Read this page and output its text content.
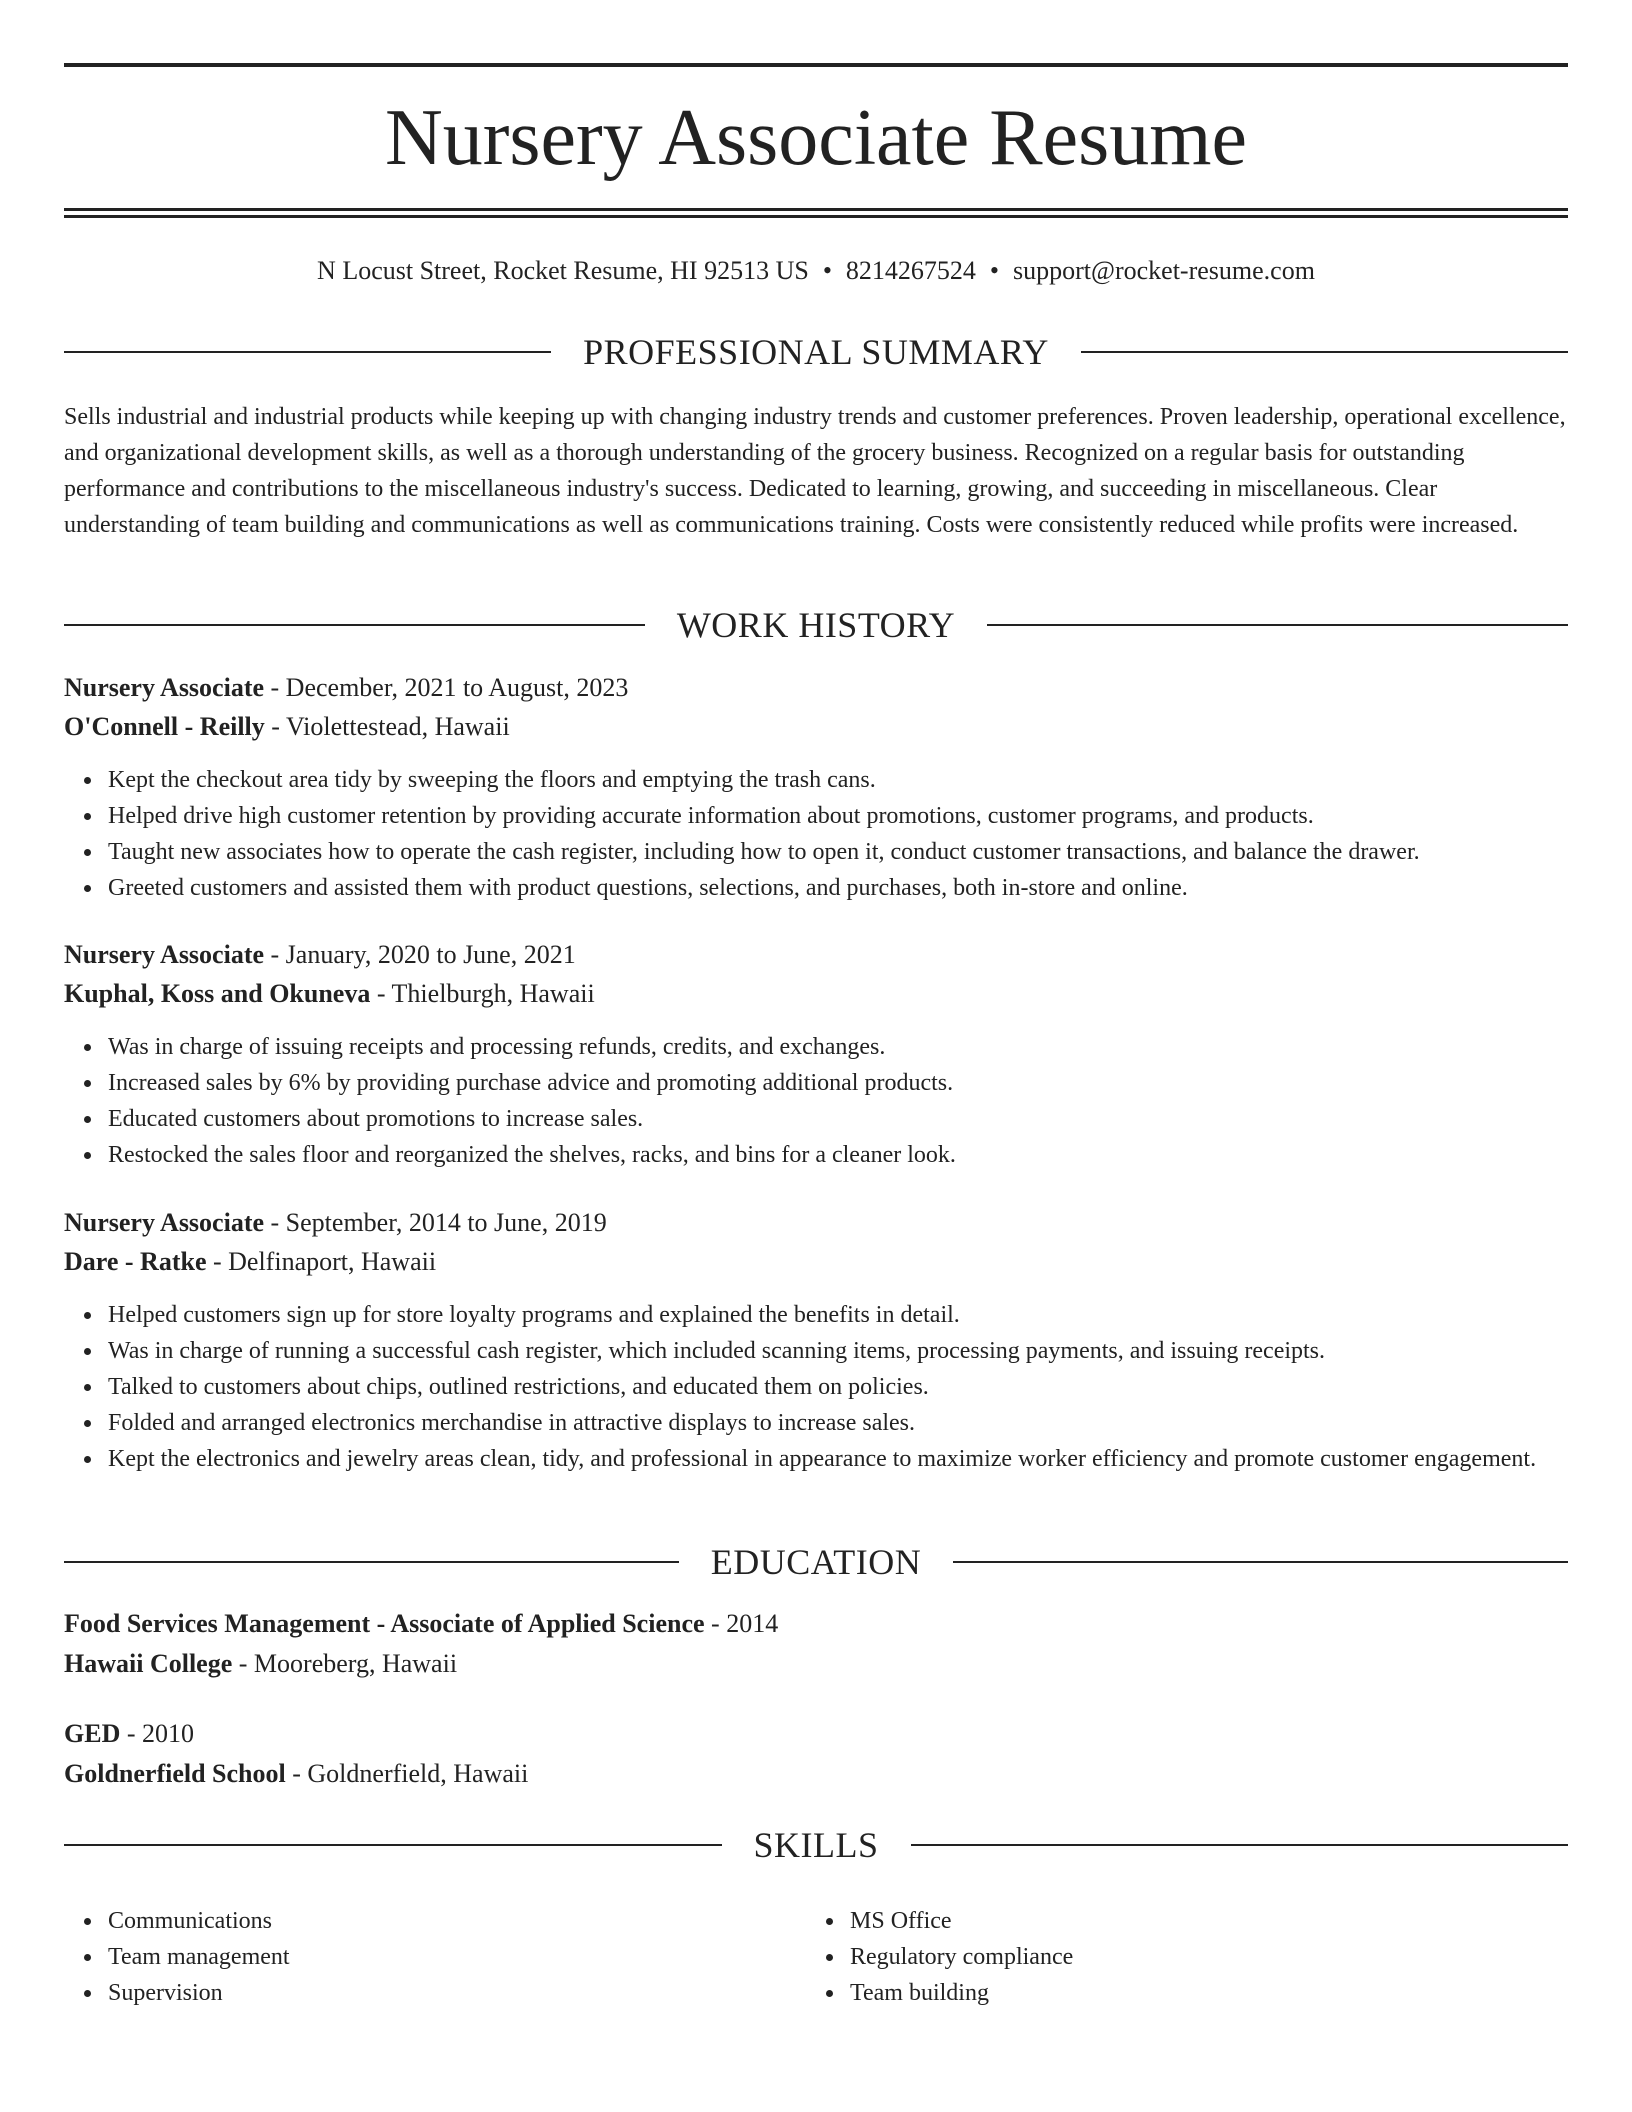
Nursery Associate Resume
N Locust Street, Rocket Resume, HI 92513 US • 8214267524 • support@rocket-resume.com
PROFESSIONAL SUMMARY
Sells industrial and industrial products while keeping up with changing industry trends and customer preferences. Proven leadership, operational excellence, and organizational development skills, as well as a thorough understanding of the grocery business. Recognized on a regular basis for outstanding performance and contributions to the miscellaneous industry's success. Dedicated to learning, growing, and succeeding in miscellaneous. Clear understanding of team building and communications as well as communications training. Costs were consistently reduced while profits were increased.
WORK HISTORY
Nursery Associate - December, 2021 to August, 2023
O'Connell - Reilly - Violettestead, Hawaii
Kept the checkout area tidy by sweeping the floors and emptying the trash cans.
Helped drive high customer retention by providing accurate information about promotions, customer programs, and products.
Taught new associates how to operate the cash register, including how to open it, conduct customer transactions, and balance the drawer.
Greeted customers and assisted them with product questions, selections, and purchases, both in-store and online.
Nursery Associate - January, 2020 to June, 2021
Kuphal, Koss and Okuneva - Thielburgh, Hawaii
Was in charge of issuing receipts and processing refunds, credits, and exchanges.
Increased sales by 6% by providing purchase advice and promoting additional products.
Educated customers about promotions to increase sales.
Restocked the sales floor and reorganized the shelves, racks, and bins for a cleaner look.
Nursery Associate - September, 2014 to June, 2019
Dare - Ratke - Delfinaport, Hawaii
Helped customers sign up for store loyalty programs and explained the benefits in detail.
Was in charge of running a successful cash register, which included scanning items, processing payments, and issuing receipts.
Talked to customers about chips, outlined restrictions, and educated them on policies.
Folded and arranged electronics merchandise in attractive displays to increase sales.
Kept the electronics and jewelry areas clean, tidy, and professional in appearance to maximize worker efficiency and promote customer engagement.
EDUCATION
Food Services Management - Associate of Applied Science - 2014
Hawaii College - Mooreberg, Hawaii
GED - 2010
Goldnerfield School - Goldnerfield, Hawaii
SKILLS
Communications
Team management
Supervision
MS Office
Regulatory compliance
Team building
